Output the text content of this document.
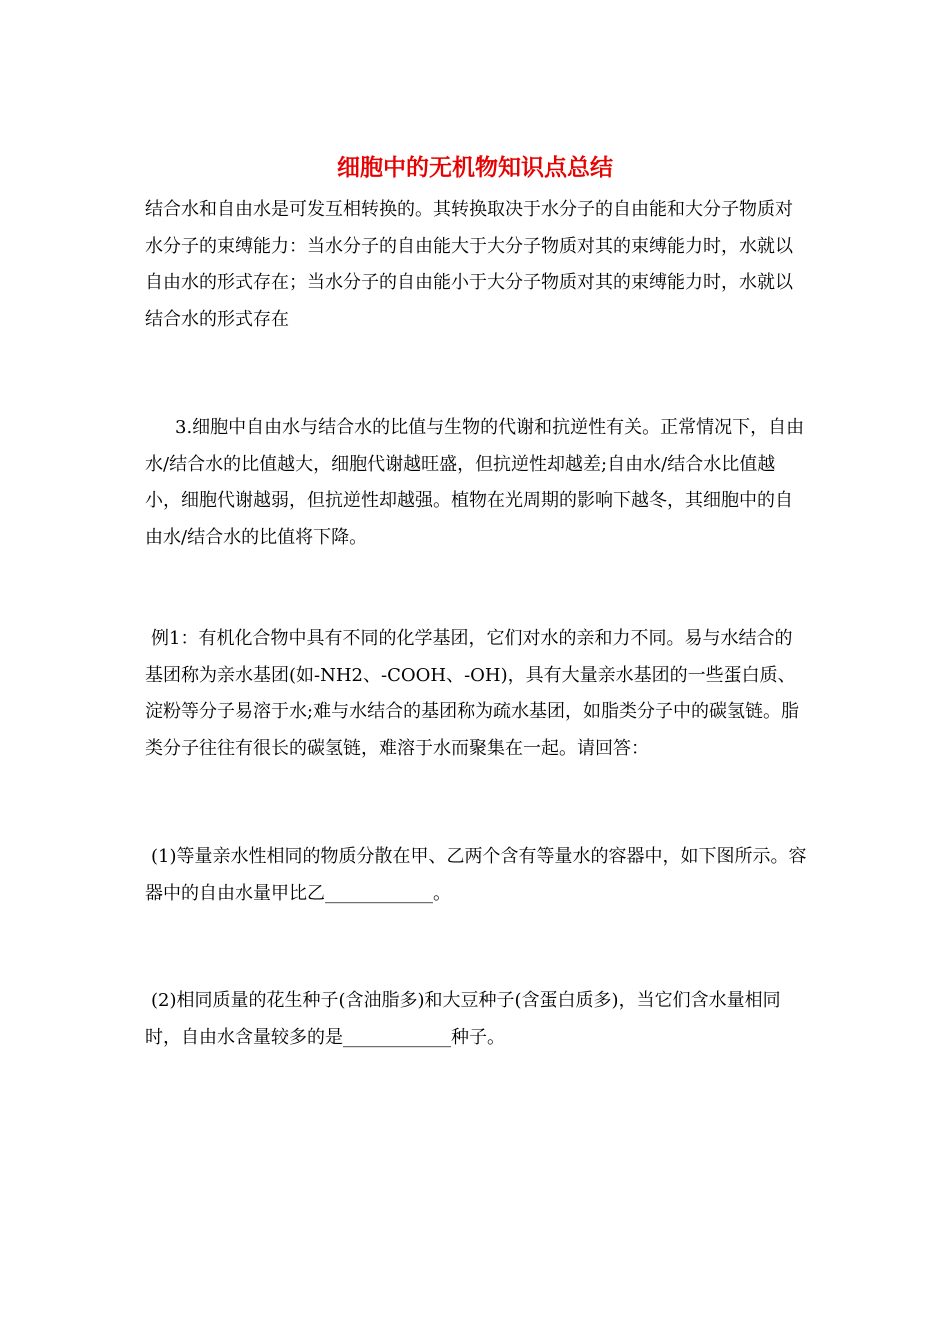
细胞中的无机物知识点总结

结合水和自由水是可发互相转换的。其转换取决于水分子的自由能和大分子物质对水分子的束缚能力：当水分子的自由能大于大分子物质对其的束缚能力时，水就以自由水的形式存在；当水分子的自由能小于大分子物质对其的束缚能力时，水就以结合水的形式存在

3.细胞中自由水与结合水的比值与生物的代谢和抗逆性有关。正常情况下，自由水/结合水的比值越大，细胞代谢越旺盛，但抗逆性却越差;自由水/结合水比值越小，细胞代谢越弱，但抗逆性却越强。植物在光周期的影响下越冬，其细胞中的自由水/结合水的比值将下降。

例1：有机化合物中具有不同的化学基团，它们对水的亲和力不同。易与水结合的基团称为亲水基团(如-NH2、-COOH、-OH)，具有大量亲水基团的一些蛋白质、淀粉等分子易溶于水;难与水结合的基团称为疏水基团，如脂类分子中的碳氢链。脂类分子往往有很长的碳氢链，难溶于水而聚集在一起。请回答：

(1)等量亲水性相同的物质分散在甲、乙两个含有等量水的容器中，如下图所示。容器中的自由水量甲比乙____________。

(2)相同质量的花生种子(含油脂多)和大豆种子(含蛋白质多)，当它们含水量相同时，自由水含量较多的是____________种子。
